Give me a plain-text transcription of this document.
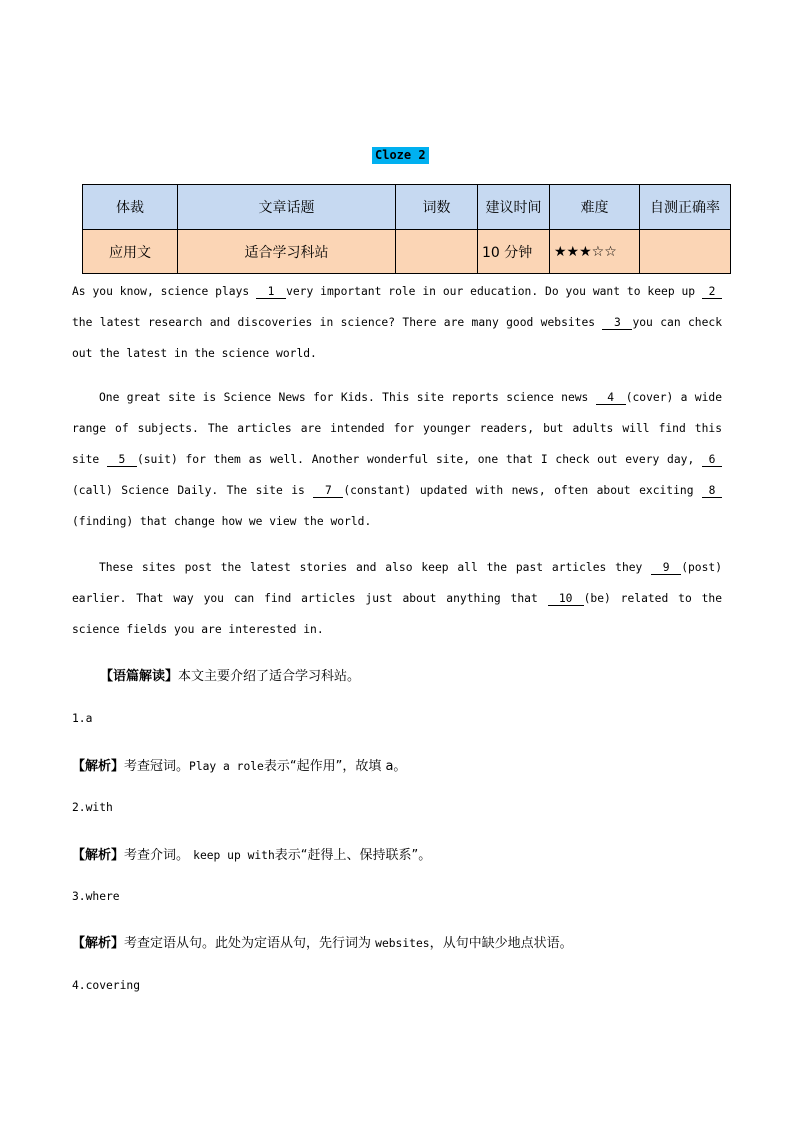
Cloze 2
体裁	文章话题	词数	建议时间	难度	自测正确率
应用文	适合学习科站		10 分钟	★★★☆☆	

As you know, science plays 1 very important role in our education. Do you want to keep up 2 the latest research and discoveries in science? There are many good websites 3 you can check out the latest in the science world.

One great site is Science News for Kids. This site reports science news 4 (cover) a wide range of subjects. The articles are intended for younger readers, but adults will find this site 5 (suit) for them as well. Another wonderful site, one that I check out every day, 6 (call) Science Daily. The site is 7 (constant) updated with news, often about exciting 8 (finding) that change how we view the world.

These sites post the latest stories and also keep all the past articles they 9 (post) earlier. That way you can find articles just about anything that 10 (be) related to the science fields you are interested in.

【语篇解读】本文主要介绍了适合学习科站。
1.a
【解析】考查冠词。Play a role表示“起作用”，故填 a。
2.with
【解析】考查介词。 keep up with表示“赶得上、保持联系”。
3.where
【解析】考查定语从句。此处为定语从句，先行词为 websites，从句中缺少地点状语。
4.covering
